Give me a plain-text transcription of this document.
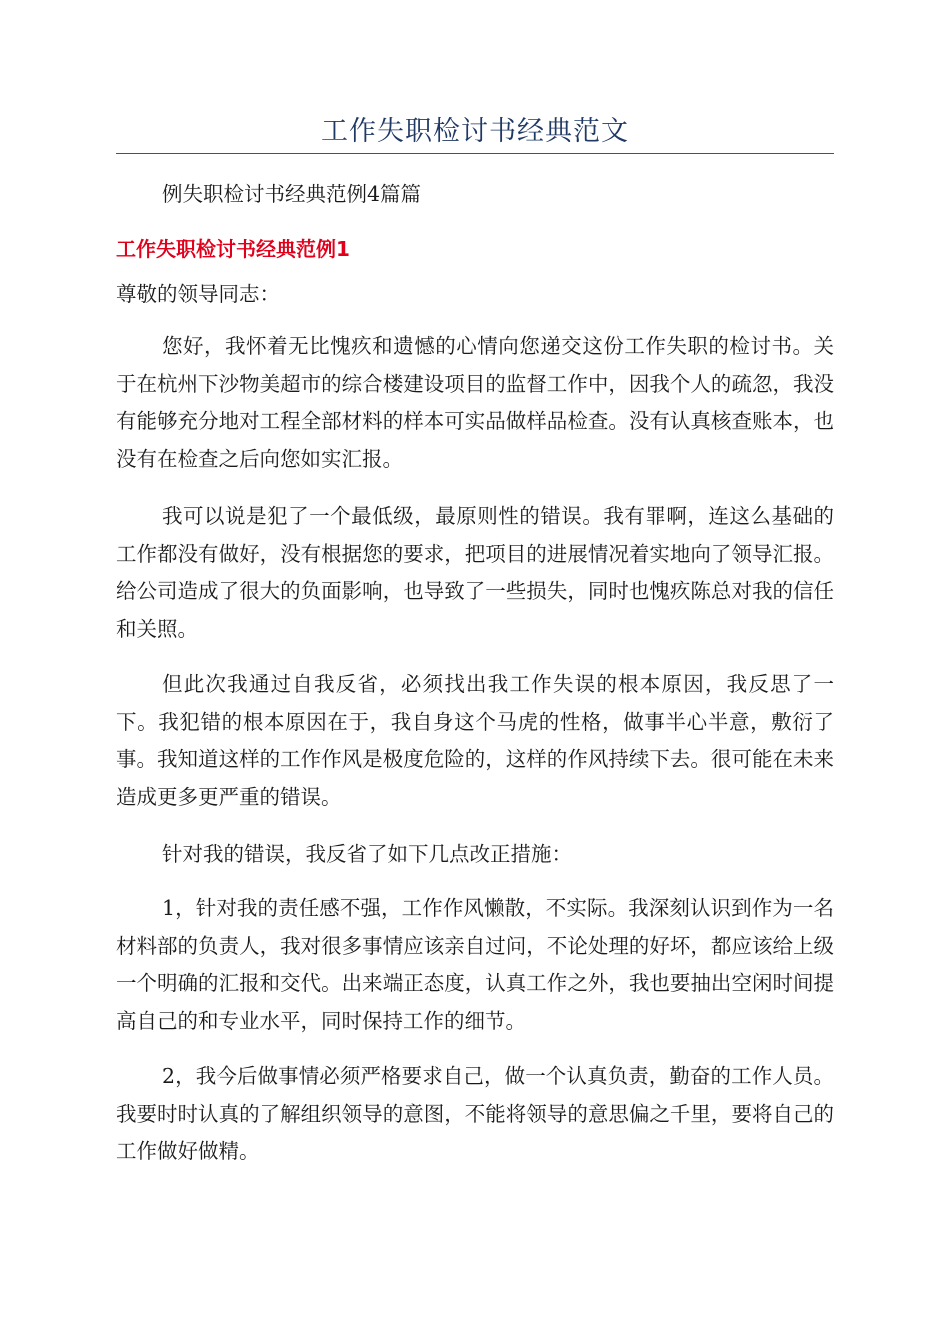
工作失职检讨书经典范文

例失职检讨书经典范例4篇篇

工作失职检讨书经典范例1

尊敬的领导同志：

您好，我怀着无比愧疚和遗憾的心情向您递交这份工作失职的检讨书。关于在杭州下沙物美超市的综合楼建设项目的监督工作中，因我个人的疏忽，我没有能够充分地对工程全部材料的样本可实品做样品检查。没有认真核查账本，也没有在检查之后向您如实汇报。

我可以说是犯了一个最低级，最原则性的错误。我有罪啊，连这么基础的工作都没有做好，没有根据您的要求，把项目的进展情况着实地向了领导汇报。给公司造成了很大的负面影响，也导致了一些损失，同时也愧疚陈总对我的信任和关照。

但此次我通过自我反省，必须找出我工作失误的根本原因，我反思了一下。我犯错的根本原因在于，我自身这个马虎的性格，做事半心半意，敷衍了事。我知道这样的工作作风是极度危险的，这样的作风持续下去。很可能在未来造成更多更严重的错误。

针对我的错误，我反省了如下几点改正措施：

1，针对我的责任感不强，工作作风懒散，不实际。我深刻认识到作为一名材料部的负责人，我对很多事情应该亲自过问，不论处理的好坏，都应该给上级一个明确的汇报和交代。出来端正态度，认真工作之外，我也要抽出空闲时间提高自己的和专业水平，同时保持工作的细节。

2，我今后做事情必须严格要求自己，做一个认真负责，勤奋的工作人员。我要时时认真的了解组织领导的意图，不能将领导的意思偏之千里，要将自己的工作做好做精。
